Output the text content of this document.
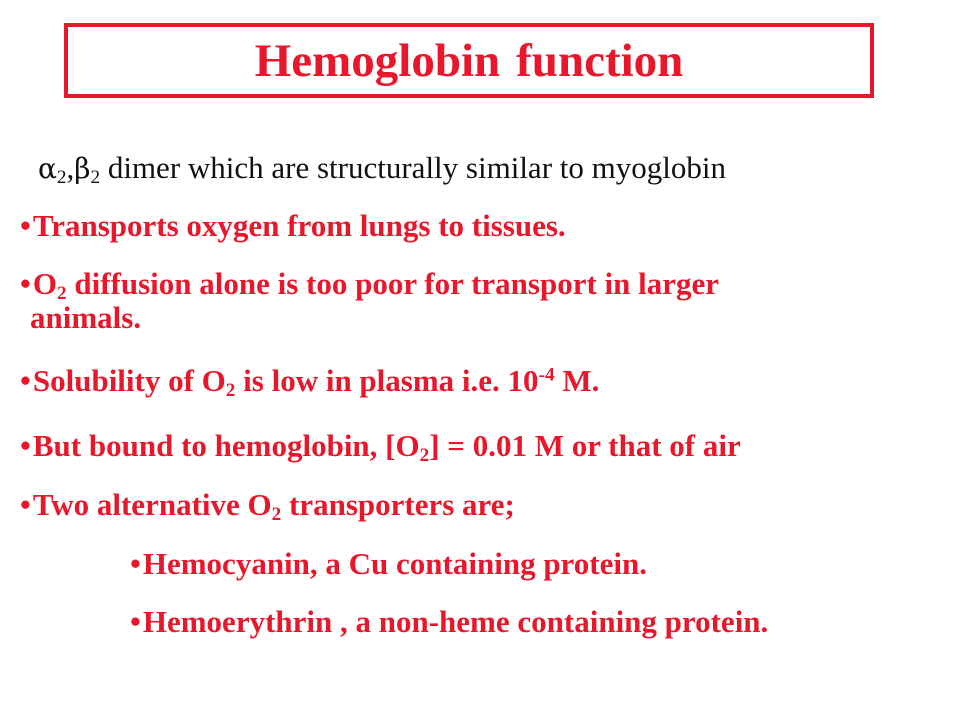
Hemoglobin function
$\alpha_2,\beta_2$ dimer which are structurally similar to myoglobin
•Transports oxygen from lungs to tissues.
$•O_2$ diffusion alone is too poor for transport in larger
animals.
•Solubility of $O_2$ is low in plasma i.e. $10^{-4}$ M.
•But bound to hemoglobin, $[O_2] = 0.01$ M or that of air
•Two alternative $O_2$ transporters are;
•Hemocyanin, a Cu containing protein.
•Hemoerythrin , a non-heme containing protein.
